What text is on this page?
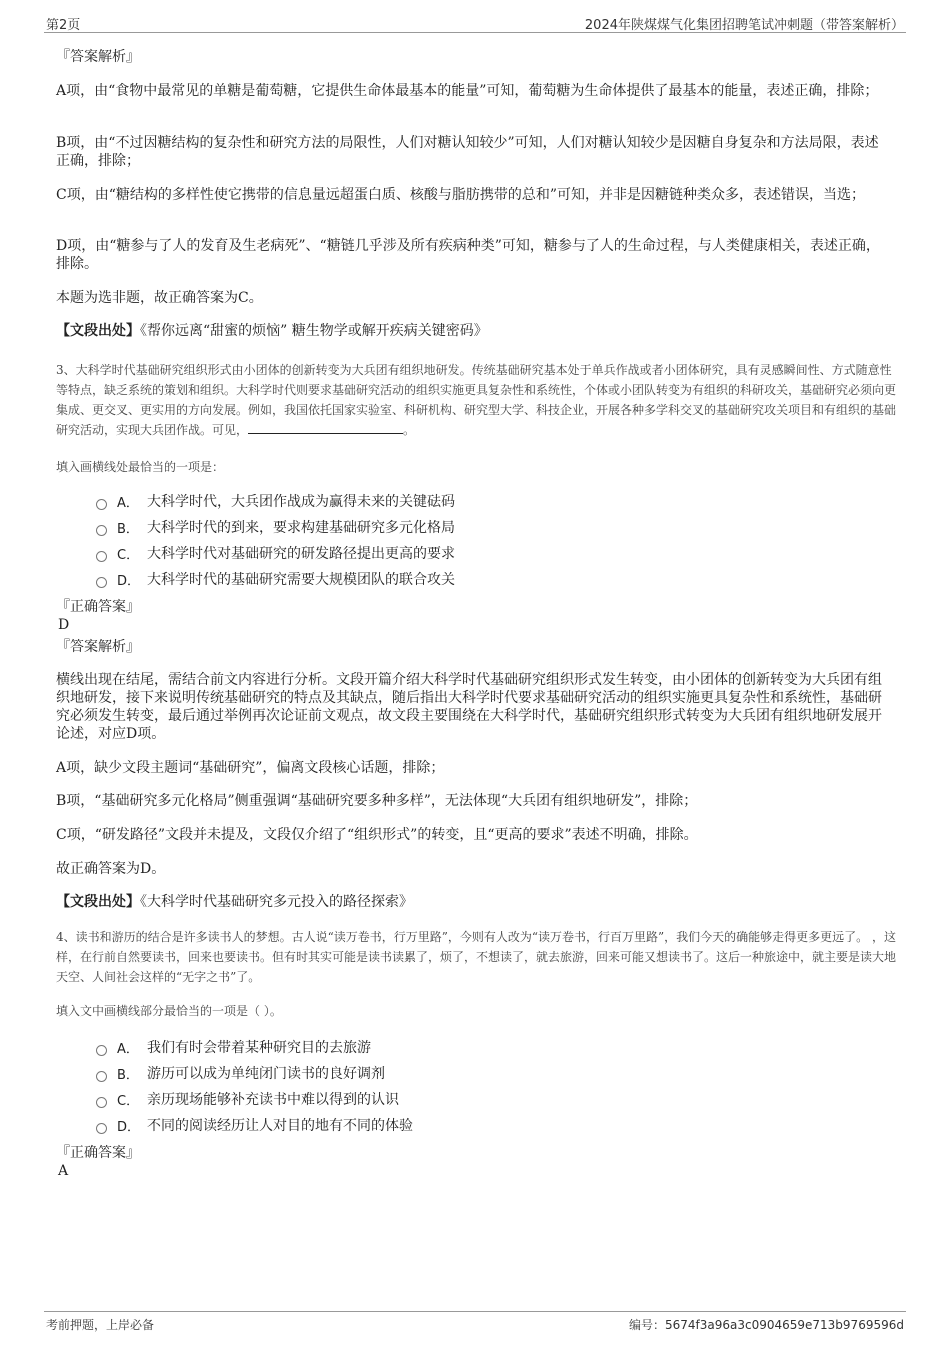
第2页	2024年陕煤煤气化集团招聘笔试冲刺题（带答案解析）
『答案解析』

A项，由“食物中最常见的单糖是葡萄糖，它提供生命体最基本的能量”可知，葡萄糖为生命体提供了最基本的能量，表述正确，排除；

B项，由“不过因糖结构的复杂性和研究方法的局限性，人们对糖认知较少”可知，人们对糖认知较少是因糖自身复杂和方法局限，表述正确，排除；

C项，由“糖结构的多样性使它携带的信息量远超蛋白质、核酸与脂肪携带的总和”可知，并非是因糖链种类众多，表述错误，当选；

D项，由“糖参与了人的发育及生老病死”、“糖链几乎涉及所有疾病种类”可知，糖参与了人的生命过程，与人类健康相关，表述正确，排除。

本题为选非题，故正确答案为C。

【文段出处】《帮你远离“甜蜜的烦恼” 糖生物学或解开疾病关键密码》

3、大科学时代基础研究组织形式由小团体的创新转变为大兵团有组织地研发。传统基础研究基本处于单兵作战或者小团体研究，具有灵感瞬间性、方式随意性等特点，缺乏系统的策划和组织。大科学时代则要求基础研究活动的组织实施更具复杂性和系统性，个体或小团队转变为有组织的科研攻关，基础研究必须向更集成、更交叉、更实用的方向发展。例如，我国依托国家实验室、科研机构、研究型大学、科技企业，开展各种多学科交叉的基础研究攻关项目和有组织的基础研究活动，实现大兵团作战。可见，	。

填入画横线处最恰当的一项是：

A． 大科学时代，大兵团作战成为赢得未来的关键砝码
B． 大科学时代的到来，要求构建基础研究多元化格局
C． 大科学时代对基础研究的研发路径提出更高的要求
D． 大科学时代的基础研究需要大规模团队的联合攻关
『正确答案』
D
『答案解析』

横线出现在结尾，需结合前文内容进行分析。文段开篇介绍大科学时代基础研究组织形式发生转变，由小团体的创新转变为大兵团有组织地研发，接下来说明传统基础研究的特点及其缺点，随后指出大科学时代要求基础研究活动的组织实施更具复杂性和系统性，基础研究必须发生转变，最后通过举例再次论证前文观点，故文段主要围绕在大科学时代，基础研究组织形式转变为大兵团有组织地研发展开论述，对应D项。

A项，缺少文段主题词“基础研究”，偏离文段核心话题，排除；

B项，“基础研究多元化格局”侧重强调“基础研究要多种多样”，无法体现“大兵团有组织地研发”，排除；

C项，“研发路径”文段并未提及，文段仅介绍了“组织形式”的转变，且“更高的要求”表述不明确，排除。

故正确答案为D。

【文段出处】《大科学时代基础研究多元投入的路径探索》

4、读书和游历的结合是许多读书人的梦想。古人说“读万卷书，行万里路”，今则有人改为“读万卷书，行百万里路”，我们今天的确能够走得更多更远了。 ，这样，在行前自然要读书，回来也要读书。但有时其实可能是读书读累了，烦了，不想读了，就去旅游，回来可能又想读书了。这后一种旅途中，就主要是读大地天空、人间社会这样的“无字之书”了。

填入文中画横线部分最恰当的一项是（ ）。

A． 我们有时会带着某种研究目的去旅游
B． 游历可以成为单纯闭门读书的良好调剂
C． 亲历现场能够补充读书中难以得到的认识
D． 不同的阅读经历让人对目的地有不同的体验
『正确答案』
A
考前押题，上岸必备	编号：5674f3a96a3c0904659e713b9769596d
